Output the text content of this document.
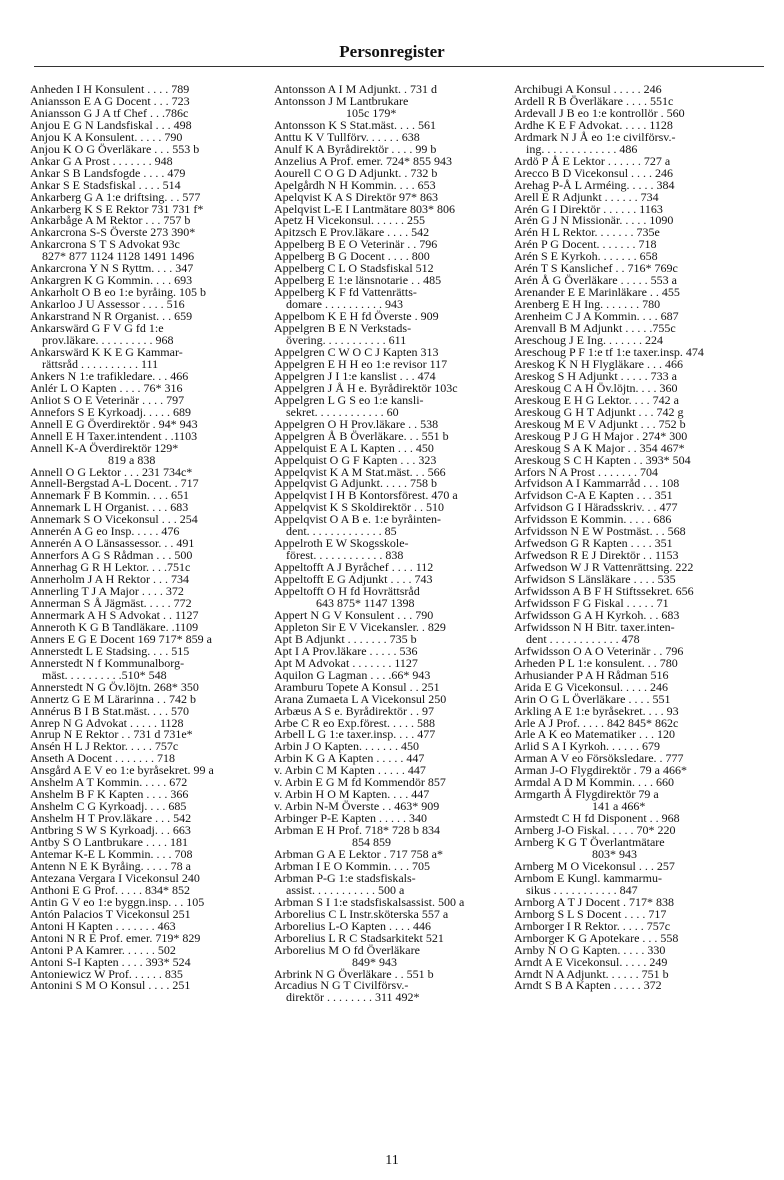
Personregister
Anheden I H Konsulent . . . . 789
Aniansson E A G Docent . . . 723
Aniansson G J A tf Chef . . .786c
Anjou E G N Landsfiskal . . . 498
Anjou K A Konsulent. . . . . 790
Anjou K O G Överläkare . . . 553 b
Ankar G A Prost . . . . . . . 948
Ankar S B Landsfogde . . . . 479
Ankar S E Stadsfiskal . . . . 514
Ankarberg G A 1:e driftsing. . . 577
Ankarberg K S E Rektor 731 731 f*
Ankarbåge A M Rektor . . . 757 b
Ankarcrona S-S Överste 273 390*
Ankarcrona S T S Advokat 93c
827* 877 1124 1128 1491 1496
Ankarcrona Y N S Ryttm. . . . 347
Ankargren K G Kommin. . . . 693
Ankarholt O B eo 1:e byråing. 105 b
Ankarloo J U Assessor . . . . 516
Ankarstrand N R Organist. . . 659
Ankarswärd G F V G fd 1:e
prov.läkare. . . . . . . . . . 968
Ankarswärd K K E G Kammar-
rättsråd . . . . . . . . . . 111
Ankers N 1:e trafikledare. . . 466
Anlér L O Kapten . . . . 76* 316
Anliot S O E Veterinär . . . . 797
Annefors S E Kyrkoadj. . . . . 689
Annell E G Överdirektör . 94* 943
Annell E H Taxer.intendent . .1103
Annell K-A Överdirektör 129*
819 a 838
Annell O G Lektor . . . 231 734c*
Annell-Bergstad A-L Docent. . 717
Annemark F B Kommin. . . . 651
Annemark L H Organist. . . . 683
Annemark S O Vicekonsul . . . 254
Annerén A G eo Insp. . . . . 476
Annerén A O Länsassessor. . . 491
Annerfors A G S Rådman . . . 500
Annerhag G R H Lektor. . . .751c
Annerholm J A H Rektor . . . 734
Annerling T J A Major . . . . 372
Annerman S Å Jägmäst. . . . . 772
Annermark A H S Advokat . . 1127
Anneroth K G B Tandläkare. .1109
Anners E G E Docent 169 717* 859 a
Annerstedt L E Stadsing. . . . 515
Annerstedt N f Kommunalborg-
mäst. . . . . . . . . .510* 548
Annerstedt N G Öv.löjtn. 268* 350
Annertz G E M Lärarinna . . 742 b
Annérus B I B Stat.mäst. . . . 570
Anrep N G Advokat . . . . . 1128
Anrup N E Rektor . . 731 d 731e*
Ansén H L J Rektor. . . . . 757c
Anseth A Docent . . . . . . . 718
Ansgård A E V eo 1:e byråsekret. 99 a
Anshelm A T Kommin. . . . . 672
Anshelm B F K Kapten . . . . 366
Anshelm C G Kyrkoadj. . . . 685
Anshelm H T Prov.läkare . . . 542
Antbring S W S Kyrkoadj. . . 663
Antby S O Lantbrukare . . . . 181
Antemar K-E L Kommin. . . . 708
Antenn N E K Byråing. . . . . 78 a
Antezana Vergara I Vicekonsul 240
Anthoni E G Prof. . . . . 834* 852
Antin G V eo 1:e byggn.insp. . . 105
Antón Palacios T Vicekonsul 251
Antoni H Kapten . . . . . . . 463
Antoni N R E Prof. emer. 719* 829
Antoni P A Kamrer. . . . . . 502
Antoni S-I Kapten . . . . 393* 524
Antoniewicz W Prof. . . . . . 835
Antonini S M O Konsul . . . . 251
Antonsson A I M Adjunkt. . 731 d
Antonsson J M Lantbrukare
105c 179*
Antonsson K S Stat.mäst. . . . 561
Anttu K V Tullförv. . . . . . 638
Anulf K A Byrådirektör . . . . 99 b
Anzelius A Prof. emer. 724* 855 943
Aourell C O G D Adjunkt. . 732 b
Apelgårdh N H Kommin. . . . 653
Apelqvist K A S Direktör 97* 863
Apelqvist L-E I Lantmätare 803* 806
Apetz H Vicekonsul. . . . . . 255
Apitzsch E Prov.läkare . . . . 542
Appelberg B E O Veterinär . . 796
Appelberg B G Docent . . . . 800
Appelberg C L O Stadsfiskal 512
Appelberg E 1:e länsnotarie . . 485
Appelberg K F fd Vattenrätts-
domare . . . . . . . . . . 943
Appelbom K E H fd Överste . 909
Appelgren B E N Verkstads-
övering. . . . . . . . . . . 611
Appelgren C W O C J Kapten 313
Appelgren E H H eo 1:e revisor 117
Appelgren J I 1:e kanslist . . . 474
Appelgren J Å H e. Byrådirektör 103c
Appelgren L G S eo 1:e kansli-
sekret. . . . . . . . . . . . 60
Appelgren O H Prov.läkare . . 538
Appelgren Å B Överläkare. . . 551 b
Appelquist E A L Kapten . . . 450
Appelquist O G F Kapten . . . 323
Appelqvist K A M Stat.mäst. . . 566
Appelqvist G Adjunkt. . . . . 758 b
Appelqvist I H B Kontorsförest. 470 a
Appelqvist K S Skoldirektör . . 510
Appelqvist O A B e. 1:e byråinten-
dent. . . . . . . . . . . . . 85
Appelroth E W Skogsskole-
förest. . . . . . . . . . . . 838
Appeltofft A J Byråchef . . . . 112
Appeltofft E G Adjunkt . . . . 743
Appeltofft O H fd Hovrättsråd
643 875* 1147 1398
Appert N G V Konsulent . . . 790
Appleton Sir E V Vicekansler. . 829
Apt B Adjunkt . . . . . . . 735 b
Apt I A Prov.läkare . . . . . 536
Apt M Advokat . . . . . . . 1127
Aquilon G Lagman . . . .66* 943
Aramburu Topete A Konsul . . 251
Arana Zumaeta L A Vicekonsul 250
Arbæus A S e. Byrådirektör . . 97
Arbe C R eo Exp.förest. . . . . 588
Arbell L G 1:e taxer.insp. . . . 477
Arbin J O Kapten. . . . . . . 450
Arbin K G A Kapten . . . . . 447
v. Arbin C M Kapten . . . . . 447
v. Arbin E G M fd Kommendör 857
v. Arbin H O M Kapten. . . . 447
v. Arbin N-M Överste . . 463* 909
Arbinger P-E Kapten . . . . . 340
Arbman E H Prof. 718* 728 b 834
854 859
Arbman G A E Lektor . 717 758 a*
Arbman I E O Kommin. . . . 705
Arbman P-G 1:e stadsfiskals-
assist. . . . . . . . . . . 500 a
Arbman S I 1:e stadsfiskalsassist. 500 a
Arborelius C L Instr.sköterska 557 a
Arborelius L-O Kapten . . . . 446
Arborelius L R C Stadsarkitekt 521
Arborelius M O fd Överläkare
849* 943
Arbrink N G Överläkare . . 551 b
Arcadius N G T Civilförsv.-
direktör . . . . . . . . 311 492*
Archibugi A Konsul . . . . . 246
Ardell R B Överläkare . . . . 551c
Ardevall J B eo 1:e kontrollör . 560
Ardhe K E F Advokat. . . . . 1128
Ardmark N J Å eo 1:e civilförsv.-
ing. . . . . . . . . . . . . 486
Ardö P Å E Lektor . . . . . . 727 a
Arecco B D Vicekonsul . . . . 246
Arehag P-Å L Arméing. . . . . 384
Arell E R Adjunkt . . . . . . 734
Arén G I Direktör . . . . . . 1163
Arén G J N Missionär. . . . . 1090
Arén H L Rektor. . . . . . . 735e
Arén P G Docent. . . . . . . 718
Arén S E Kyrkoh. . . . . . . 658
Arén T S Kanslichef . . 716* 769c
Arén Å G Överläkare . . . . . 553 a
Arenander E E Marinläkare . . 455
Arenberg E H Ing. . . . . . . 780
Arenheim C J A Kommin. . . . 687
Arenvall B M Adjunkt . . . . .755c
Areschoug J E Ing. . . . . . . 224
Areschoug P F 1:e tf 1:e taxer.insp. 474
Areskog K N H Flygläkare . . . 466
Areskog S H Adjunkt . . . . . 733 a
Areskoug C A H Öv.löjtn. . . . 360
Areskoug E H G Lektor. . . . 742 a
Areskoug G H T Adjunkt . . . 742 g
Areskoug M E V Adjunkt . . . 752 b
Areskoug P J G H Major . 274* 300
Areskoug S A K Major . . 354 467*
Areskoug S C H Kapten . . 393* 504
Arfors N A Prost . . . . . . . 704
Arfvidson A I Kammarråd . . . 108
Arfvidson C-A E Kapten . . . 351
Arfvidson G I Häradsskriv. . . 477
Arfvidsson E Kommin. . . . . 686
Arfvidsson N E W Postmäst. . . 568
Arfwedson G R Kapten . . . . 351
Arfwedson R E J Direktör . . 1153
Arfwedson W J R Vattenrättsing. 222
Arfwidson S Länsläkare . . . . 535
Arfwidsson A B F H Stiftssekret. 656
Arfwidsson F G Fiskal . . . . . 71
Arfwidsson G A H Kyrkoh. . . 683
Arfwidsson N H Bitr. taxer.inten-
dent . . . . . . . . . . . . 478
Arfwidsson O A O Veterinär . . 796
Arheden P L 1:e konsulent. . . 780
Arhusiander P A H Rådman 516
Arida E G Vicekonsul. . . . . 246
Arin O G L Överläkare . . . . 551
Arkling A E 1:e byråsekret. . . . 93
Arle A J Prof. . . . . 842 845* 862c
Arle A K eo Matematiker . . . 120
Arlid S A I Kyrkoh. . . . . . 679
Arman A V eo Försöksledare. . 777
Arman J-O Flygdirektör . 79 a 466*
Armdal A D M Kommin. . . . 660
Armgarth Å Flygdirektör 79 a
141 a 466*
Armstedt C H fd Disponent . . 968
Arnberg J-O Fiskal. . . . . 70* 220
Arnberg K G T Överlantmätare
803* 943
Arnberg M O Vicekonsul . . . 257
Arnbom E Kungl. kammarmu-
sikus . . . . . . . . . . . 847
Arnborg A T J Docent . 717* 838
Arnborg S L S Docent . . . . 717
Arnborger I R Rektor. . . . . 757c
Arnborger K G Apotekare . . . 558
Arnby N O G Kapten. . . . . 330
Arndt A E Vicekonsul. . . . . 249
Arndt N A Adjunkt. . . . . . 751 b
Arndt S B A Kapten . . . . . 372
11
